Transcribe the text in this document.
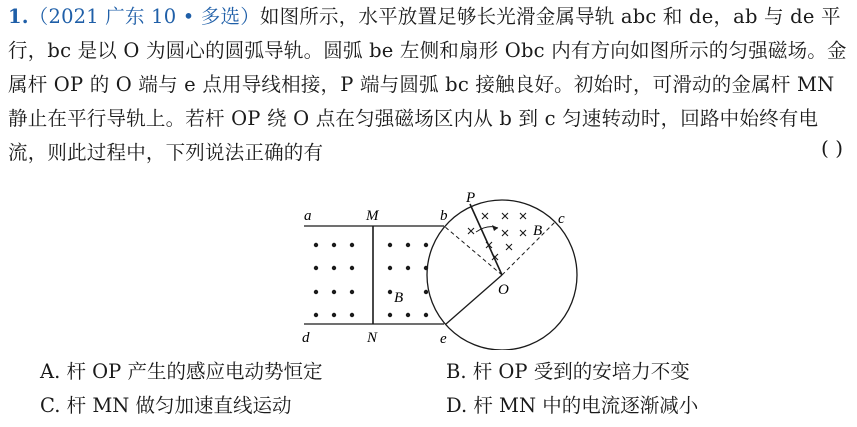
1.（2021 广东 10 • 多选）如图所示，水平放置足够长光滑金属导轨 abc 和 de，ab 与 de 平行，bc 是以 O 为圆心的圆弧导轨。圆弧 be 左侧和扇形 Obc 内有方向如图所示的匀强磁场。金属杆 OP 的 O 端与 e 点用导线相接，P 端与圆弧 bc 接触良好。初始时，可滑动的金属杆 MN 静止在平行导轨上。若杆 OP 绕 O 点在匀强磁场区内从 b 到 c 匀速转动时，回路中始终有电流，则此过程中，下列说法正确的有	( )
a	M	b
P
c
B
O
B
d	N	e
A. 杆 OP 产生的感应电动势恒定	B. 杆 OP 受到的安培力不变
C. 杆 MN 做匀加速直线运动	D. 杆 MN 中的电流逐渐减小
